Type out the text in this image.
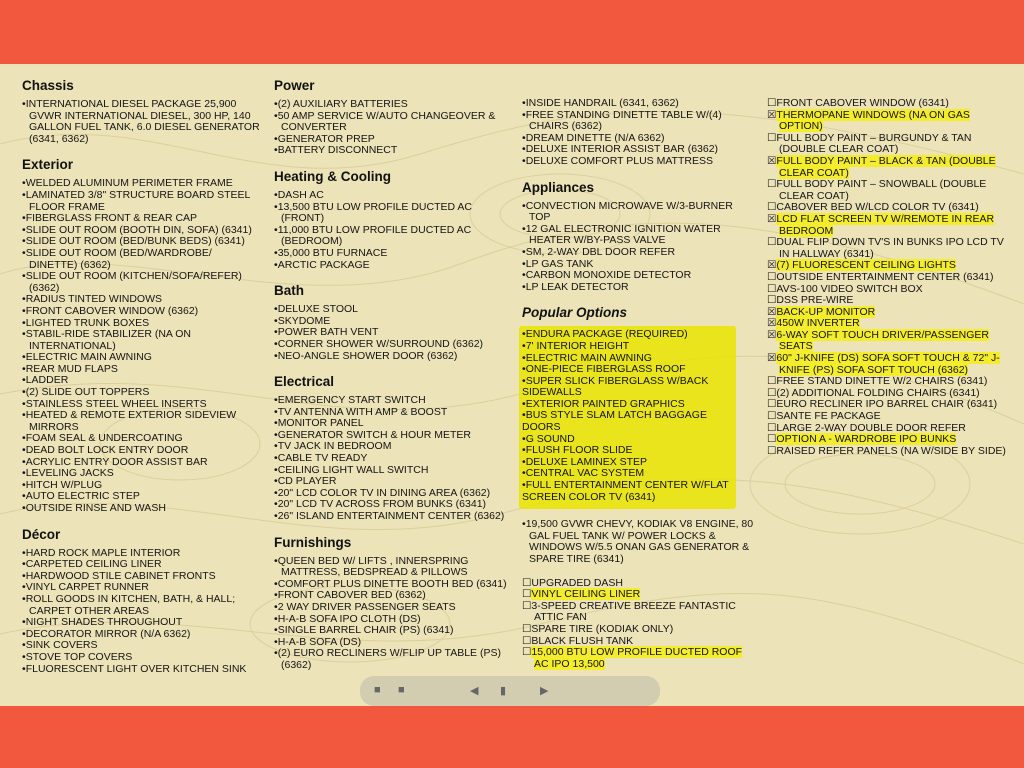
Chassis
• INTERNATIONAL DIESEL PACKAGE 25,900 GVWR INTERNATIONAL DIESEL, 300 HP, 140 GALLON FUEL TANK, 6.0 DIESEL GENERATOR (6341, 6362)
Exterior
• WELDED ALUMINUM PERIMETER FRAME
• LAMINATED 3/8" STRUCTURE BOARD STEEL FLOOR FRAME
• FIBERGLASS FRONT & REAR CAP
• SLIDE OUT ROOM (BOOTH DIN, SOFA) (6341)
• SLIDE OUT ROOM (BED/BUNK BEDS) (6341)
• SLIDE OUT ROOM (BED/WARDROBE/ DINETTE) (6362)
• SLIDE OUT ROOM (KITCHEN/SOFA/REFER) (6362)
• RADIUS TINTED WINDOWS
• FRONT CABOVER WINDOW (6362)
• LIGHTED TRUNK BOXES
• STABIL-RIDE STABILIZER (NA ON INTERNATIONAL)
• ELECTRIC MAIN AWNING
• REAR MUD FLAPS
• LADDER
• (2) SLIDE OUT TOPPERS
• STAINLESS STEEL WHEEL INSERTS
• HEATED & REMOTE EXTERIOR SIDEVIEW MIRRORS
• FOAM SEAL & UNDERCOATING
• DEAD BOLT LOCK ENTRY DOOR
• ACRYLIC ENTRY DOOR ASSIST BAR
• LEVELING JACKS
• HITCH W/PLUG
• AUTO ELECTRIC STEP
• OUTSIDE RINSE AND WASH
Décor
• HARD ROCK MAPLE INTERIOR
• CARPETED CEILING LINER
• HARDWOOD STILE CABINET FRONTS
• VINYL CARPET RUNNER
• ROLL GOODS IN KITCHEN, BATH, & HALL; CARPET OTHER AREAS
• NIGHT SHADES THROUGHOUT
• DECORATOR MIRROR (N/A 6362)
• SINK COVERS
• STOVE TOP COVERS
• FLUORESCENT LIGHT OVER KITCHEN SINK
Power
• (2) AUXILIARY BATTERIES
• 50 AMP SERVICE W/AUTO CHANGEOVER & CONVERTER
• GENERATOR PREP
• BATTERY DISCONNECT
Heating & Cooling
• DASH AC
• 13,500 BTU LOW PROFILE DUCTED AC (FRONT)
• 11,000 BTU LOW PROFILE DUCTED AC (BEDROOM)
• 35,000 BTU FURNACE
• ARCTIC PACKAGE
Bath
• DELUXE STOOL
• SKYDOME
• POWER BATH VENT
• CORNER SHOWER W/SURROUND (6362)
• NEO-ANGLE SHOWER DOOR (6362)
Electrical
• EMERGENCY START SWITCH
• TV ANTENNA WITH AMP & BOOST
• MONITOR PANEL
• GENERATOR SWITCH & HOUR METER
• TV JACK IN BEDROOM
• CABLE TV READY
• CEILING LIGHT WALL SWITCH
• CD PLAYER
• 20" LCD COLOR TV IN DINING AREA (6362)
• 20" LCD TV ACROSS FROM BUNKS (6341)
• 26" ISLAND ENTERTAINMENT CENTER (6362)
Furnishings
• QUEEN BED W/ LIFTS , INNERSPRING MATTRESS, BEDSPREAD & PILLOWS
• COMFORT PLUS DINETTE BOOTH BED (6341)
• FRONT CABOVER BED (6362)
• 2 WAY DRIVER PASSENGER SEATS
• H-A-B SOFA IPO CLOTH (DS)
• SINGLE BARREL CHAIR (PS) (6341)
• H-A-B SOFA (DS)
• (2) EURO RECLINERS W/FLIP UP TABLE (PS) (6362)
• INSIDE HANDRAIL (6341, 6362)
• FREE STANDING DINETTE TABLE W/(4) CHAIRS (6362)
• DREAM DINETTE (N/A 6362)
• DELUXE INTERIOR ASSIST BAR (6362)
• DELUXE COMFORT PLUS MATTRESS
Appliances
• CONVECTION MICROWAVE W/3-BURNER TOP
• 12 GAL ELECTRONIC IGNITION WATER HEATER W/BY-PASS VALVE
• SM, 2-WAY DBL DOOR REFER
• LP GAS TANK
• CARBON MONOXIDE DETECTOR
• LP LEAK DETECTOR
Popular Options
• ENDURA PACKAGE (REQUIRED)
• 7' INTERIOR HEIGHT
• ELECTRIC MAIN AWNING
• ONE-PIECE FIBERGLASS ROOF
• SUPER SLICK FIBERGLASS W/BACK SIDEWALLS
• EXTERIOR PAINTED GRAPHICS
• BUS STYLE SLAM LATCH BAGGAGE DOORS
• G SOUND
• FLUSH FLOOR SLIDE
• DELUXE LAMINEX STEP
• CENTRAL VAC SYSTEM
• FULL ENTERTAINMENT CENTER W/FLAT SCREEN COLOR TV (6341)
• 19,500 GVWR CHEVY, KODIAK V8 ENGINE, 80 GAL FUEL TANK W/ POWER LOCKS & WINDOWS W/5.5 ONAN GAS GENERATOR & SPARE TIRE (6341)
☐ UPGRADED DASH
☐ VINYL CEILING LINER
☐ 3-SPEED CREATIVE BREEZE FANTASTIC ATTIC FAN
☐ SPARE TIRE (KODIAK ONLY)
☐ BLACK FLUSH TANK
☐ 15,000 BTU LOW PROFILE DUCTED ROOF AC IPO 13,500
☐ FRONT CABOVER WINDOW (6341)
☒ THERMOPANE WINDOWS (NA ON GAS OPTION)
☐ FULL BODY PAINT – BURGUNDY & TAN (DOUBLE CLEAR COAT)
☒ FULL BODY PAINT – BLACK & TAN (DOUBLE CLEAR COAT)
☐ FULL BODY PAINT – SNOWBALL (DOUBLE CLEAR COAT)
☐ CABOVER BED W/LCD COLOR TV (6341)
☒ LCD FLAT SCREEN TV W/REMOTE IN REAR BEDROOM
☐ DUAL FLIP DOWN TV'S IN BUNKS IPO LCD TV IN HALLWAY (6341)
☒ (7) FLUORESCENT CEILING LIGHTS
☐ OUTSIDE ENTERTAINMENT CENTER (6341)
☐ AVS-100 VIDEO SWITCH BOX
☐ DSS PRE-WIRE
☒ BACK-UP MONITOR
☒ 450W INVERTER
☒ 6-WAY SOFT TOUCH DRIVER/PASSENGER SEATS
☒ 60" J-KNIFE (DS) SOFA SOFT TOUCH & 72" J-KNIFE (PS) SOFA SOFT TOUCH (6362)
☐ FREE STAND DINETTE W/2 CHAIRS (6341)
☐ (2) ADDITIONAL FOLDING CHAIRS (6341)
☐ EURO RECLINER IPO BARREL CHAIR (6341)
☐ SANTE FE PACKAGE
☐ LARGE 2-WAY DOUBLE DOOR REFER
☐ OPTION A - WARDROBE IPO BUNKS
☐ RAISED REFER PANELS (NA W/SIDE BY SIDE)
■ ■	◀ ▮	▶
